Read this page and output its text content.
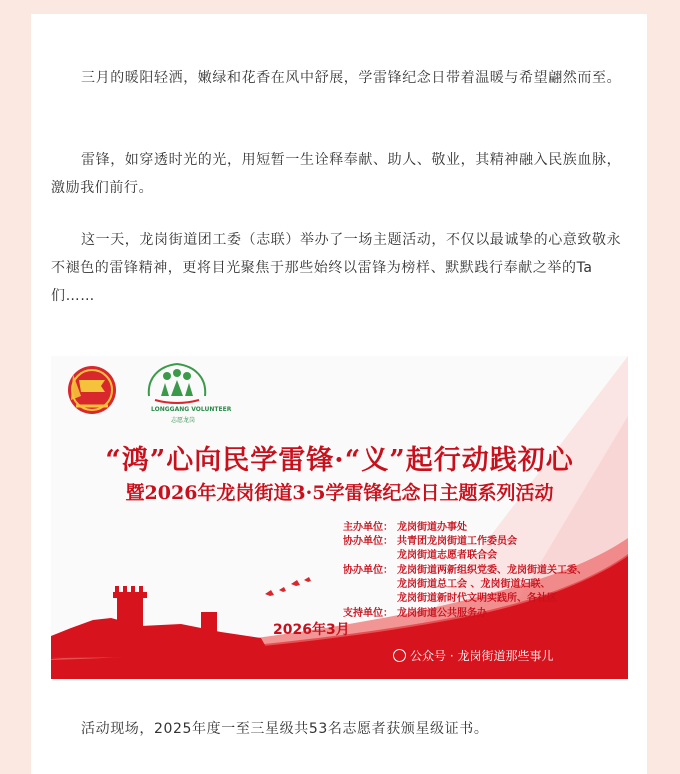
三月的暖阳轻洒，嫩绿和花香在风中舒展，学雷锋纪念日带着温暖与希望翩然而至。

雷锋，如穿透时光的光，用短暂一生诠释奉献、助人、敬业，其精神融入民族血脉，激励我们前行。

这一天，龙岗街道团工委（志联）举办了一场主题活动，不仅以最诚挚的心意致敬永不褪色的雷锋精神，更将目光聚焦于那些始终以雷锋为榜样、默默践行奉献之举的Ta们……

LONGGANG VOLUNTEER
志愿龙岗
“鸿”心向民学雷锋·“义”起行动践初心
暨2026年龙岗街道3·5学雷锋纪念日主题系列活动
主办单位： 龙岗街道办事处
协办单位： 共青团龙岗街道工作委员会
龙岗街道志愿者联合会
协办单位： 龙岗街道两新组织党委、龙岗街道关工委、
龙岗街道总工会 、龙岗街道妇联、
龙岗街道新时代文明实践所、各社区
支持单位： 龙岗街道公共服务办
2026年3月
公众号 · 龙岗街道那些事儿

活动现场，2025年度一至三星级共53名志愿者获颁星级证书。
